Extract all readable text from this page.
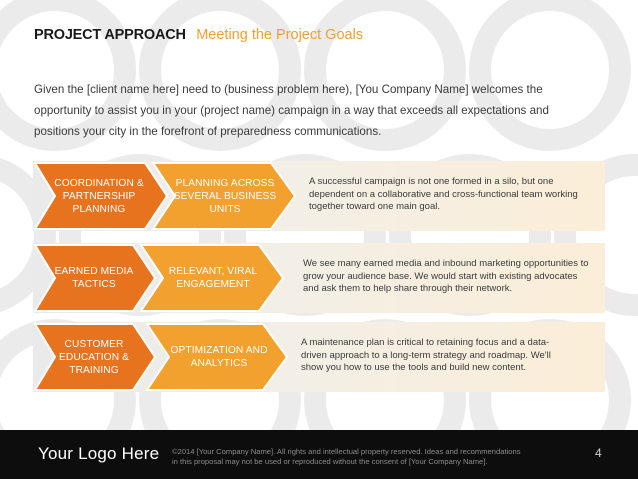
PROJECT APPROACH Meeting the Project Goals
Given the [client name here] need to (business problem here), [You Company Name] welcomes the opportunity to assist you in your (project name) campaign in a way that exceeds all expectations and positions your city in the forefront of preparedness communications.
COORDINATION & PARTNERSHIP PLANNING
PLANNING ACROSS SEVERAL BUSINESS UNITS
A successful campaign is not one formed in a silo, but one dependent on a collaborative and cross-functional team working together toward one main goal.
EARNED MEDIA TACTICS
RELEVANT, VIRAL ENGAGEMENT
We see many earned media and inbound marketing opportunities to grow your audience base. We would start with existing advocates and ask them to help share through their network.
CUSTOMER EDUCATION & TRAINING
OPTIMIZATION AND ANALYTICS
A maintenance plan is critical to retaining focus and a data-driven approach to a long-term strategy and roadmap. We'll show you how to use the tools and build new content.
Your Logo Here ©2014 [Your Company Name]. All rights and intellectual property reserved. Ideas and recommendations in this proposal may not be used or reproduced without the consent of [Your Company Name].
4
